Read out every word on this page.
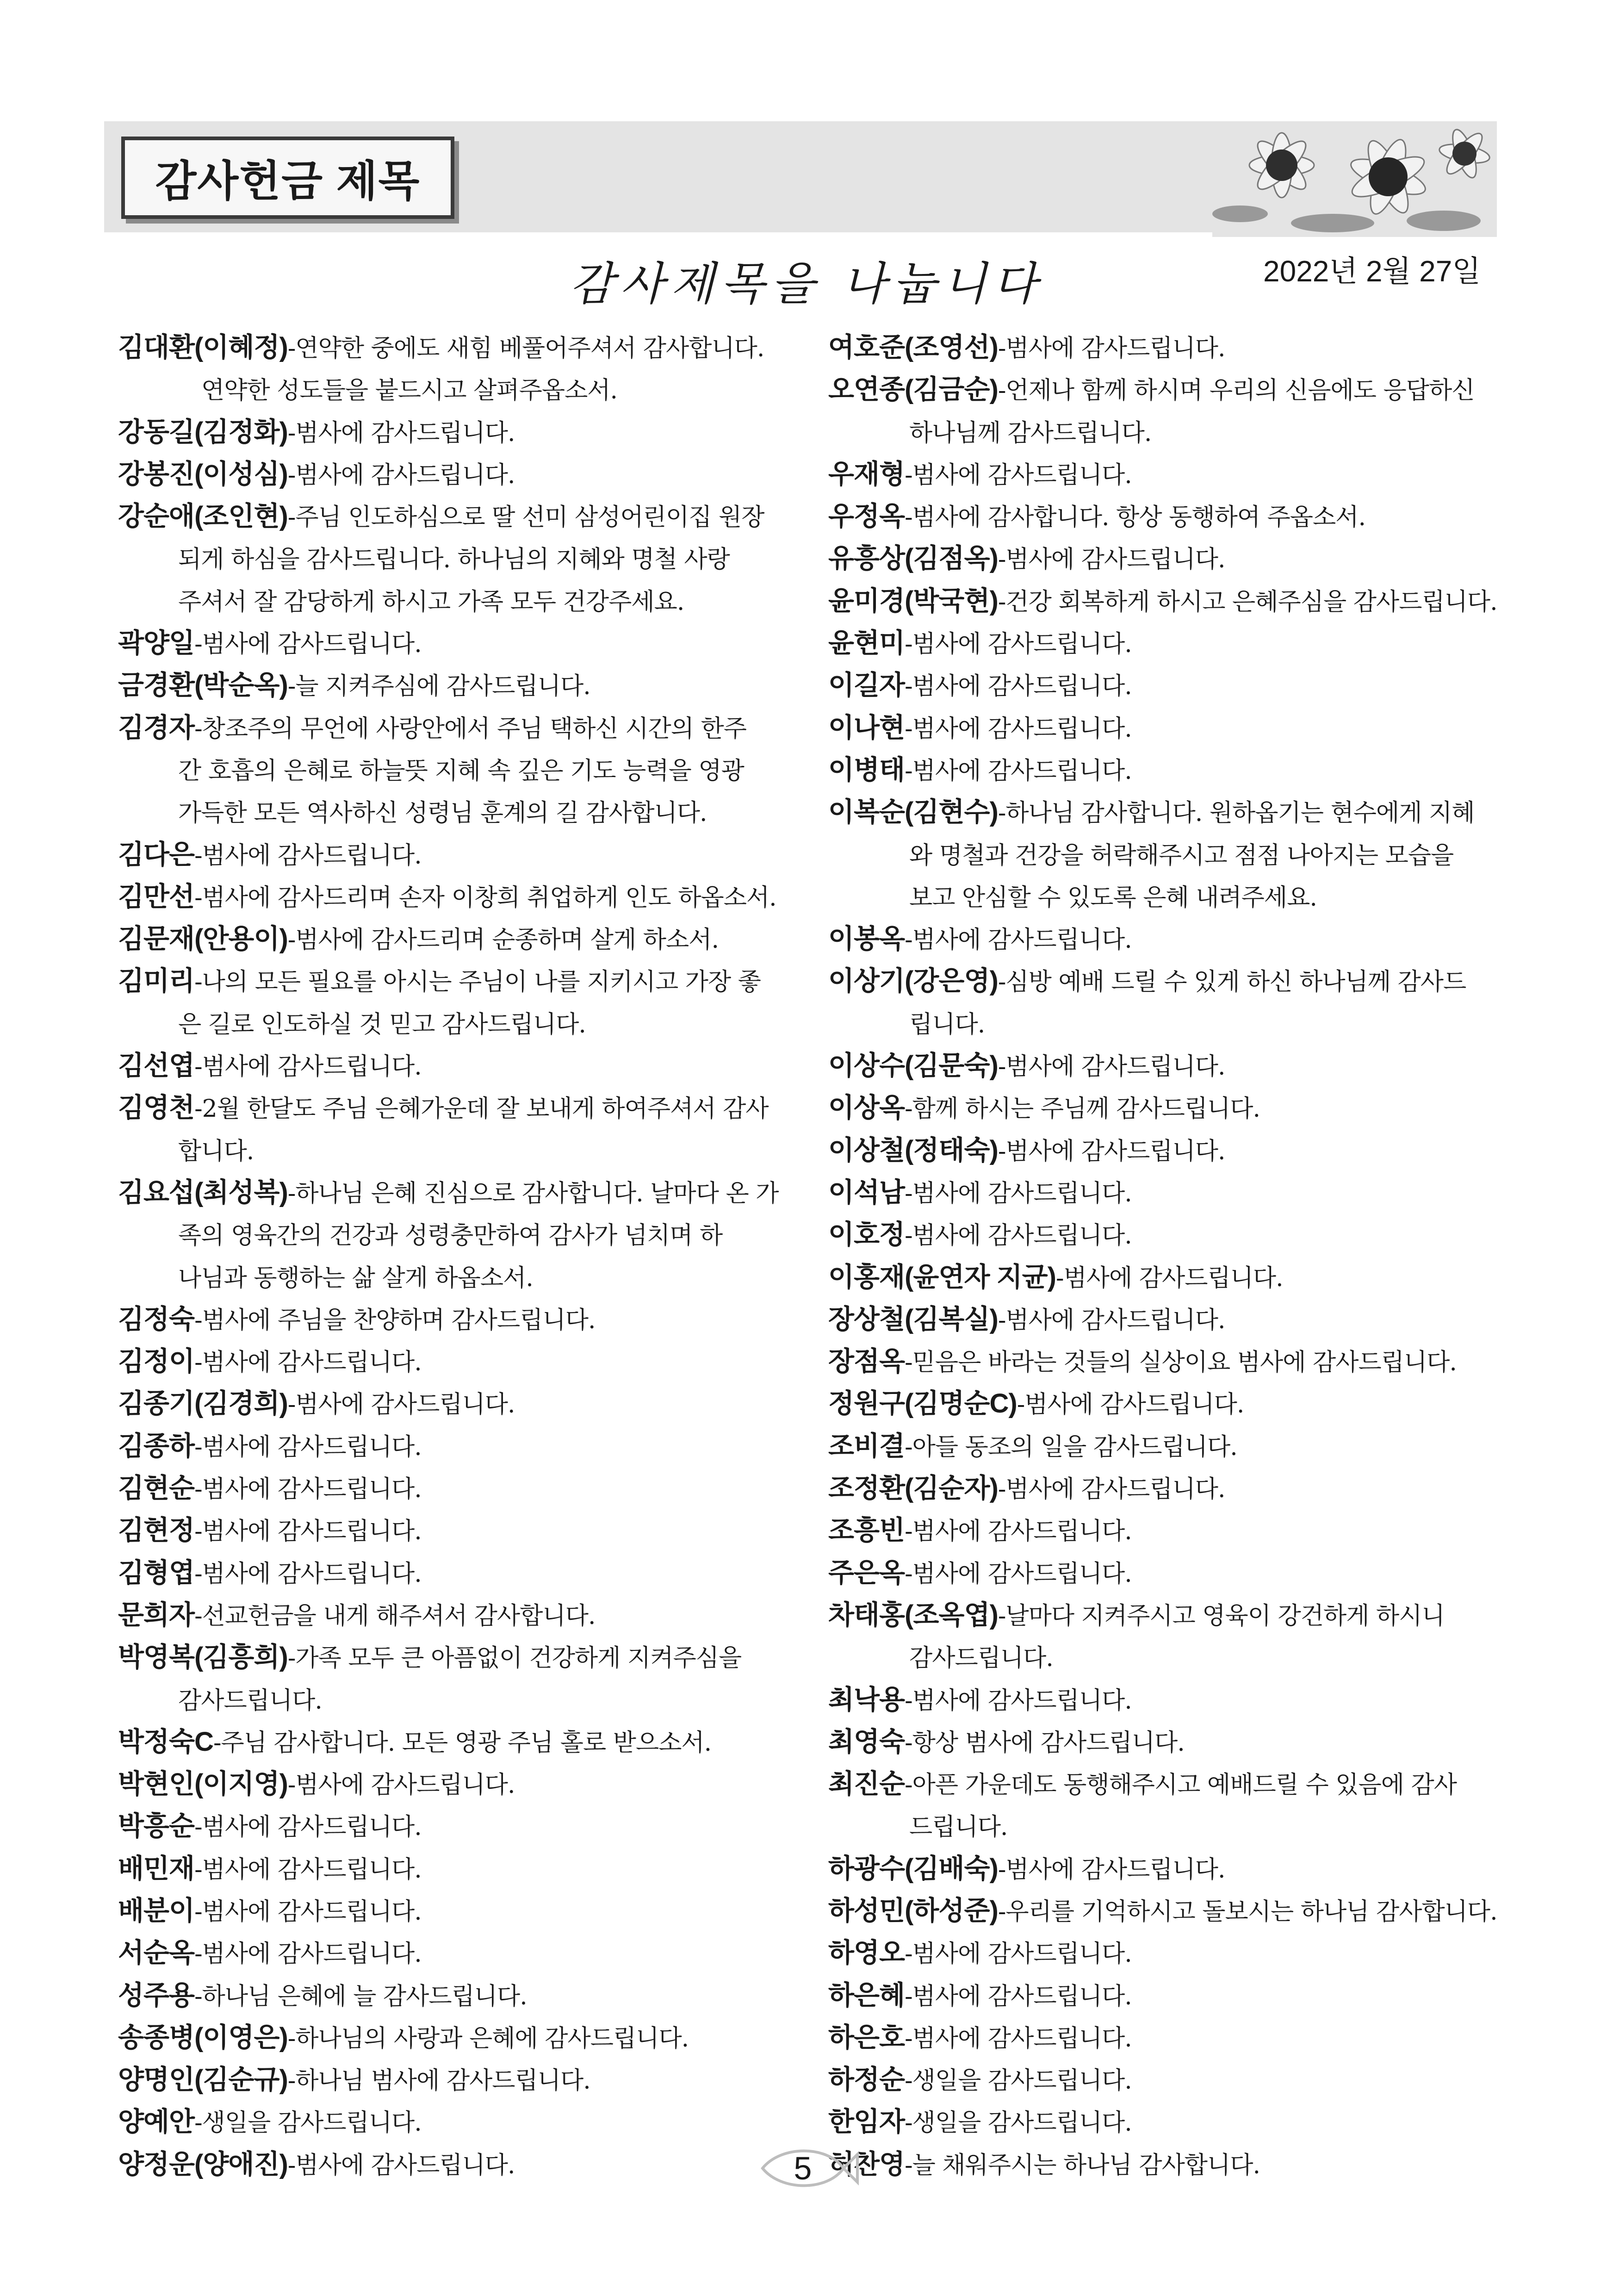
감사헌금 제목
감사제목을 나눕니다	2022년 2월 27일
김대환(이혜정)-연약한 중에도 새힘 베풀어주셔서 감사합니다.
연약한 성도들을 붙드시고 살펴주옵소서.
강동길(김정화)-범사에 감사드립니다.
강봉진(이성심)-범사에 감사드립니다.
강순애(조인현)-주님 인도하심으로 딸 선미 삼성어린이집 원장
되게 하심을 감사드립니다. 하나님의 지혜와 명철 사랑
주셔서 잘 감당하게 하시고 가족 모두 건강주세요.
곽양일-범사에 감사드립니다.
금경환(박순옥)-늘 지켜주심에 감사드립니다.
김경자-창조주의 무언에 사랑안에서 주님 택하신 시간의 한주
간 호흡의 은혜로 하늘뜻 지혜 속 깊은 기도 능력을 영광
가득한 모든 역사하신 성령님 훈계의 길 감사합니다.
김다은-범사에 감사드립니다.
김만선-범사에 감사드리며 손자 이창희 취업하게 인도 하옵소서.
김문재(안용이)-범사에 감사드리며 순종하며 살게 하소서.
김미리-나의 모든 필요를 아시는 주님이 나를 지키시고 가장 좋
은 길로 인도하실 것 믿고 감사드립니다.
김선엽-범사에 감사드립니다.
김영천-2월 한달도 주님 은혜가운데 잘 보내게 하여주셔서 감사
합니다.
김요섭(최성복)-하나님 은혜 진심으로 감사합니다. 날마다 온 가
족의 영육간의 건강과 성령충만하여 감사가 넘치며 하
나님과 동행하는 삶 살게 하옵소서.
김정숙-범사에 주님을 찬양하며 감사드립니다.
김정이-범사에 감사드립니다.
김종기(김경희)-범사에 감사드립니다.
김종하-범사에 감사드립니다.
김현순-범사에 감사드립니다.
김현정-범사에 감사드립니다.
김형엽-범사에 감사드립니다.
문희자-선교헌금을 내게 해주셔서 감사합니다.
박영복(김흥희)-가족 모두 큰 아픔없이 건강하게 지켜주심을
감사드립니다.
박정숙C-주님 감사합니다. 모든 영광 주님 홀로 받으소서.
박현인(이지영)-범사에 감사드립니다.
박흥순-범사에 감사드립니다.
배민재-범사에 감사드립니다.
배분이-범사에 감사드립니다.
서순옥-범사에 감사드립니다.
성주용-하나님 은혜에 늘 감사드립니다.
송종병(이영은)-하나님의 사랑과 은혜에 감사드립니다.
양명인(김순규)-하나님 범사에 감사드립니다.
양예안-생일을 감사드립니다.
양정운(양애진)-범사에 감사드립니다.
여호준(조영선)-범사에 감사드립니다.
오연종(김금순)-언제나 함께 하시며 우리의 신음에도 응답하신
하나님께 감사드립니다.
우재형-범사에 감사드립니다.
우정옥-범사에 감사합니다. 항상 동행하여 주옵소서.
유흥상(김점옥)-범사에 감사드립니다.
윤미경(박국현)-건강 회복하게 하시고 은혜주심을 감사드립니다.
윤현미-범사에 감사드립니다.
이길자-범사에 감사드립니다.
이나현-범사에 감사드립니다.
이병태-범사에 감사드립니다.
이복순(김현수)-하나님 감사합니다. 원하옵기는 현수에게 지혜
와 명철과 건강을 허락해주시고 점점 나아지는 모습을
보고 안심할 수 있도록 은혜 내려주세요.
이봉옥-범사에 감사드립니다.
이상기(강은영)-심방 예배 드릴 수 있게 하신 하나님께 감사드
립니다.
이상수(김문숙)-범사에 감사드립니다.
이상옥-함께 하시는 주님께 감사드립니다.
이상철(정태숙)-범사에 감사드립니다.
이석남-범사에 감사드립니다.
이호정-범사에 감사드립니다.
이홍재(윤연자 지균)-범사에 감사드립니다.
장상철(김복실)-범사에 감사드립니다.
장점옥-믿음은 바라는 것들의 실상이요 범사에 감사드립니다.
정원구(김명순C)-범사에 감사드립니다.
조비결-아들 동조의 일을 감사드립니다.
조정환(김순자)-범사에 감사드립니다.
조흥빈-범사에 감사드립니다.
주은옥-범사에 감사드립니다.
차태홍(조옥엽)-날마다 지켜주시고 영육이 강건하게 하시니
감사드립니다.
최낙용-범사에 감사드립니다.
최영숙-항상 범사에 감사드립니다.
최진순-아픈 가운데도 동행해주시고 예배드릴 수 있음에 감사
드립니다.
하광수(김배숙)-범사에 감사드립니다.
하성민(하성준)-우리를 기억하시고 돌보시는 하나님 감사합니다.
하영오-범사에 감사드립니다.
하은혜-범사에 감사드립니다.
하은호-범사에 감사드립니다.
하정순-생일을 감사드립니다.
한임자-생일을 감사드립니다.
허찬영-늘 채워주시는 하나님 감사합니다.
5
